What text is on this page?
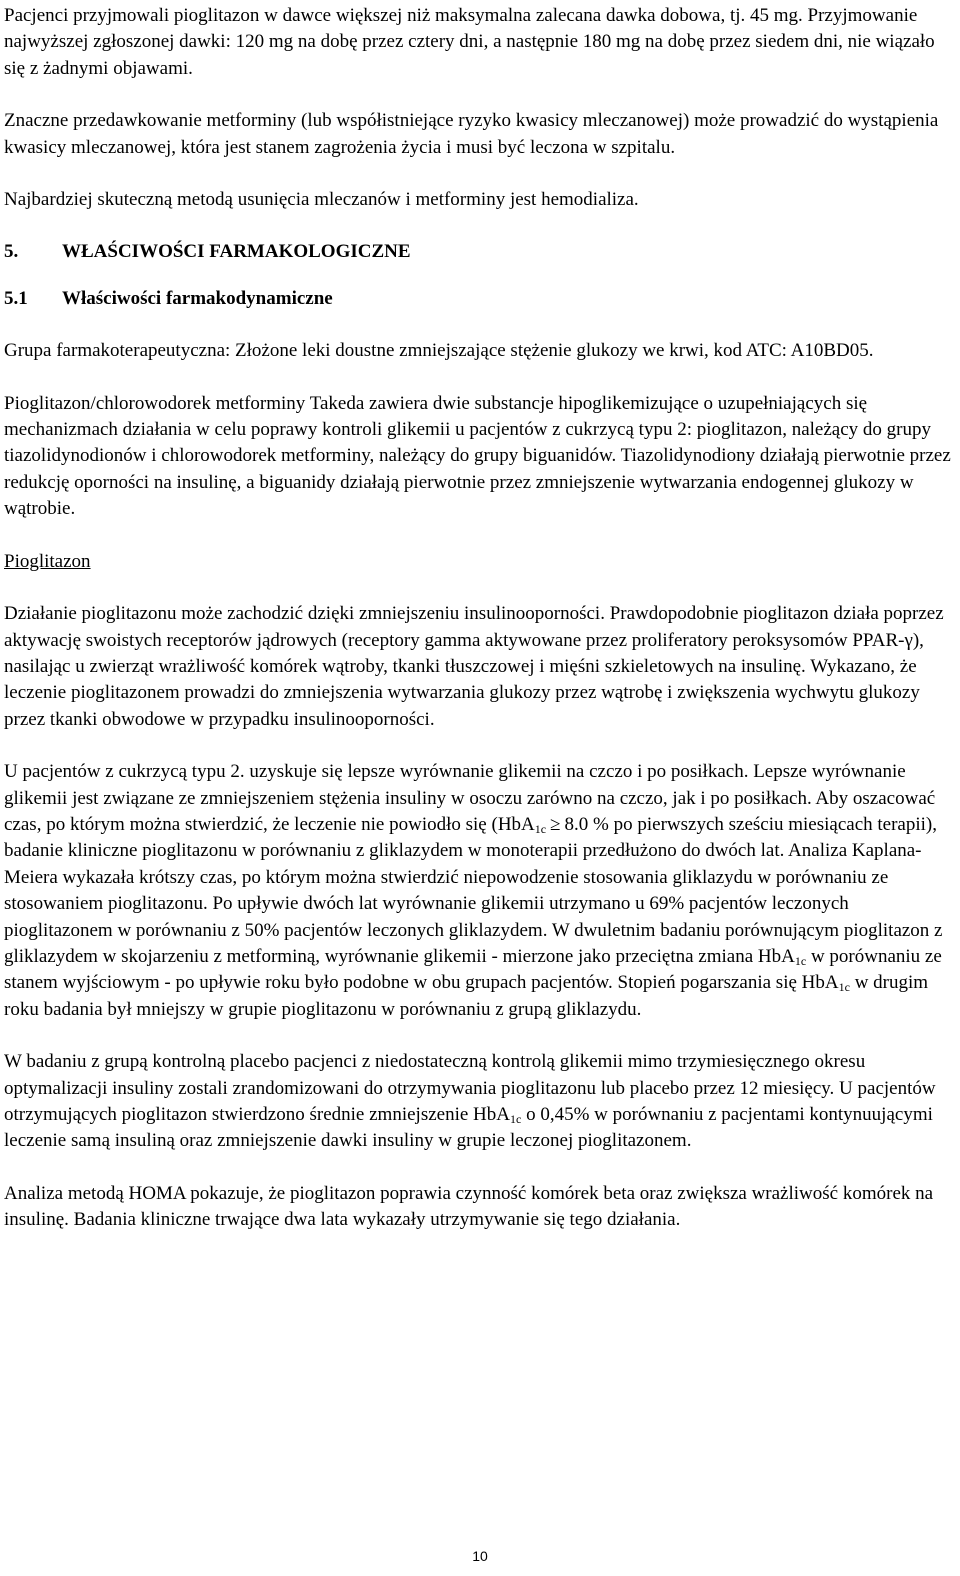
Pacjenci przyjmowali pioglitazon w dawce większej niż maksymalna zalecana dawka dobowa, tj. 45 mg. Przyjmowanie najwyższej zgłoszonej dawki: 120 mg na dobę przez cztery dni, a następnie 180 mg na dobę przez siedem dni, nie wiązało się z żadnymi objawami.

Znaczne przedawkowanie metforminy (lub współistniejące ryzyko kwasicy mleczanowej) może prowadzić do wystąpienia kwasicy mleczanowej, która jest stanem zagrożenia życia i musi być leczona w szpitalu.

Najbardziej skuteczną metodą usunięcia mleczanów i metforminy jest hemodializa.

5. WŁAŚCIWOŚCI FARMAKOLOGICZNE

5.1 Właściwości farmakodynamiczne

Grupa farmakoterapeutyczna: Złożone leki doustne zmniejszające stężenie glukozy we krwi, kod ATC: A10BD05.

Pioglitazon/chlorowodorek metforminy Takeda zawiera dwie substancje hipoglikemizujące o uzupełniających się mechanizmach działania w celu poprawy kontroli glikemii u pacjentów z cukrzycą typu 2: pioglitazon, należący do grupy tiazolidynodionów i chlorowodorek metforminy, należący do grupy biguanidów. Tiazolidynodiony działają pierwotnie przez redukcję oporności na insulinę, a biguanidy działają pierwotnie przez zmniejszenie wytwarzania endogennej glukozy w wątrobie.

Pioglitazon

Działanie pioglitazonu może zachodzić dzięki zmniejszeniu insulinooporności. Prawdopodobnie pioglitazon działa poprzez aktywację swoistych receptorów jądrowych (receptory gamma aktywowane przez proliferatory peroksysomów PPAR-γ), nasilając u zwierząt wrażliwość komórek wątroby, tkanki tłuszczowej i mięśni szkieletowych na insulinę. Wykazano, że leczenie pioglitazonem prowadzi do zmniejszenia wytwarzania glukozy przez wątrobę i zwiększenia wychwytu glukozy przez tkanki obwodowe w przypadku insulinooporności.

U pacjentów z cukrzycą typu 2. uzyskuje się lepsze wyrównanie glikemii na czczo i po posiłkach. Lepsze wyrównanie glikemii jest związane ze zmniejszeniem stężenia insuliny w osoczu zarówno na czczo, jak i po posiłkach. Aby oszacować czas, po którym można stwierdzić, że leczenie nie powiodło się (HbA$_{1c}$ ≥ 8.0 % po pierwszych sześciu miesiącach terapii), badanie kliniczne pioglitazonu w porównaniu z gliklazydem w monoterapii przedłużono do dwóch lat. Analiza Kaplana-Meiera wykazała krótszy czas, po którym można stwierdzić niepowodzenie stosowania gliklazydu w porównaniu ze stosowaniem pioglitazonu. Po upływie dwóch lat wyrównanie glikemii utrzymano u 69% pacjentów leczonych pioglitazonem w porównaniu z 50% pacjentów leczonych gliklazydem. W dwuletnim badaniu porównującym pioglitazon z gliklazydem w skojarzeniu z metforminą, wyrównanie glikemii - mierzone jako przeciętna zmiana HbA$_{1c}$ w porównaniu ze stanem wyjściowym - po upływie roku było podobne w obu grupach pacjentów. Stopień pogarszania się HbA$_{1c}$ w drugim roku badania był mniejszy w grupie pioglitazonu w porównaniu z grupą gliklazydu.

W badaniu z grupą kontrolną placebo pacjenci z niedostateczną kontrolą glikemii mimo trzymiesięcznego okresu optymalizacji insuliny zostali zrandomizowani do otrzymywania pioglitazonu lub placebo przez 12 miesięcy. U pacjentów otrzymujących pioglitazon stwierdzono średnie zmniejszenie HbA$_{1c}$ o 0,45% w porównaniu z pacjentami kontynuującymi leczenie samą insuliną oraz zmniejszenie dawki insuliny w grupie leczonej pioglitazonem.

Analiza metodą HOMA pokazuje, że pioglitazon poprawia czynność komórek beta oraz zwiększa wrażliwość komórek na insulinę. Badania kliniczne trwające dwa lata wykazały utrzymywanie się tego działania.

10
